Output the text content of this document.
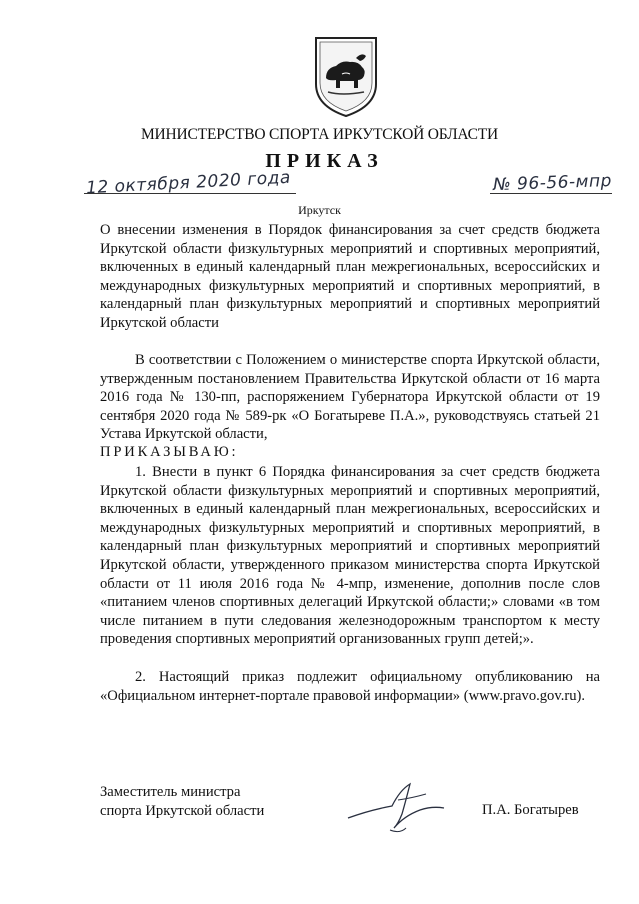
МИНИСТЕРСТВО СПОРТА ИРКУТСКОЙ ОБЛАСТИ
ПРИКАЗ
12 октября 2020 года	№ 96-56-мпр
Иркутск
О внесении изменения в Порядок финансирования за счет средств бюджета Иркутской области физкультурных мероприятий и спортивных мероприятий, включенных в единый календарный план межрегиональных, всероссийских и международных физкультурных мероприятий и спортивных мероприятий, в календарный план физкультурных мероприятий и спортивных мероприятий Иркутской области
В соответствии с Положением о министерстве спорта Иркутской области, утвержденным постановлением Правительства Иркутской области от 16 марта 2016 года № 130-пп, распоряжением Губернатора Иркутской области от 19 сентября 2020 года № 589-рк «О Богатыреве П.А.», руководствуясь статьей 21 Устава Иркутской области,
ПРИКАЗЫВАЮ:
1. Внести в пункт 6 Порядка финансирования за счет средств бюджета Иркутской области физкультурных мероприятий и спортивных мероприятий, включенных в единый календарный план межрегиональных, всероссийских и международных физкультурных мероприятий и спортивных мероприятий, в календарный план физкультурных мероприятий и спортивных мероприятий Иркутской области, утвержденного приказом министерства спорта Иркутской области от 11 июля 2016 года № 4-мпр, изменение, дополнив после слов «питанием членов спортивных делегаций Иркутской области;» словами «в том числе питанием в пути следования железнодорожным транспортом к месту проведения спортивных мероприятий организованных групп детей;».
2. Настоящий приказ подлежит официальному опубликованию на «Официальном интернет-портале правовой информации» (www.pravo.gov.ru).
Заместитель министра
спорта Иркутской области	П.А. Богатырев
